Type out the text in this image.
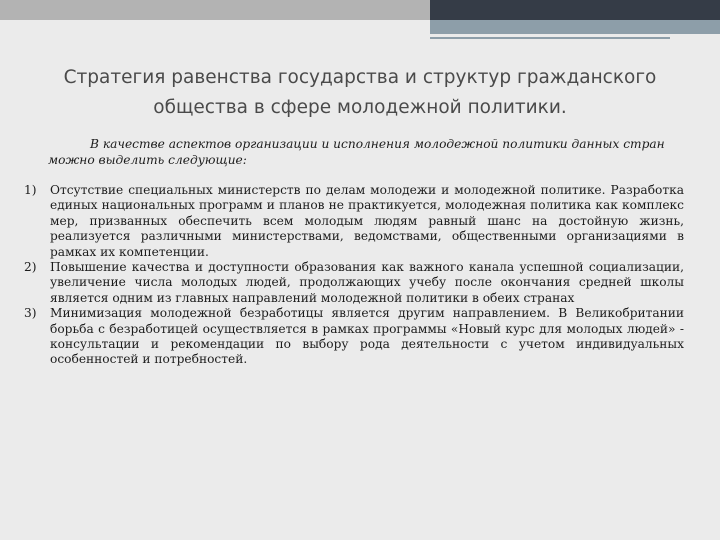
Стратегия равенства государства и структур гражданского общества в сфере молодежной политики.

В качестве аспектов организации и исполнения молодежной политики данных стран можно выделить следующие:

1) Отсутствие специальных министерств по делам молодежи и молодежной политике. Разработка единых национальных программ и планов не практикуется, молодежная политика как комплекс мер, призванных обеспечить всем молодым людям равный шанс на достойную жизнь, реализуется различными министерствами, ведомствами, общественными организациями в рамках их компетенции.
2) Повышение качества и доступности образования как важного канала успешной социализации, увеличение числа молодых людей, продолжающих учебу после окончания средней школы является одним из главных направлений молодежной политики в обеих странах
3) Минимизация молодежной безработицы является другим направлением. В Великобритании борьба с безработицей осуществляется в рамках программы «Новый курс для молодых людей» - консультации и рекомендации по выбору рода деятельности с учетом индивидуальных особенностей и потребностей.
